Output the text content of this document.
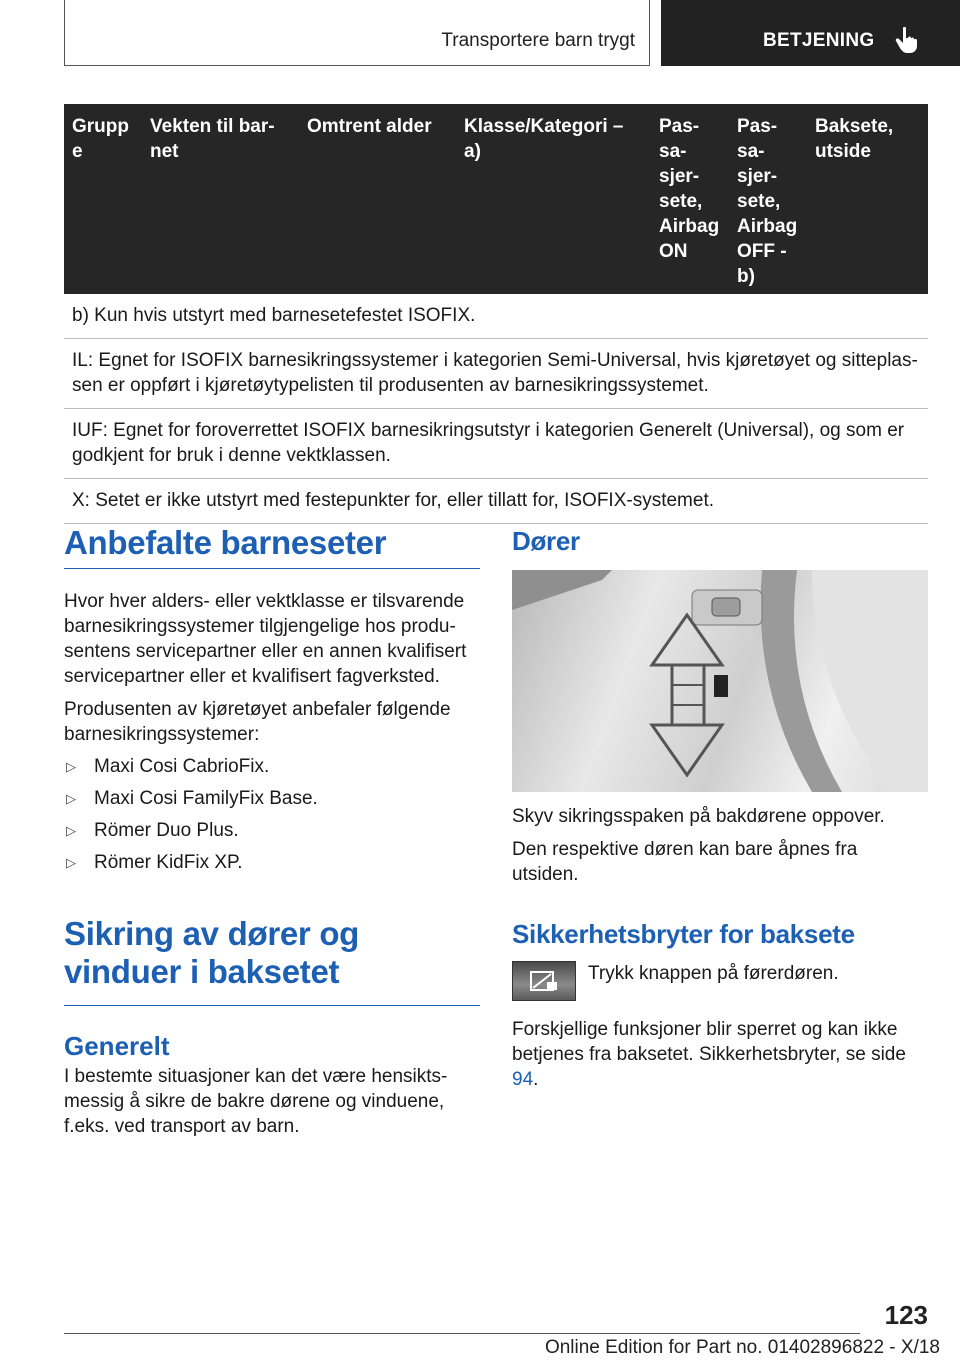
Transportere barn trygt	BETJENING
Grupp e
Vekten til bar- net
Omtrent alder	Klasse/Kategori – a)
Pas- sa- sjer- sete, Airbag ON
Pas- sa- sjer- sete, Airbag OFF - b)
Baksete, utside
b) Kun hvis utstyrt med barnesetefestet ISOFIX.
IL: Egnet for ISOFIX barnesikringssystemer i kategorien Semi-Universal, hvis kjøretøyet og sitteplas- sen er oppført i kjøretøytypelisten til produsenten av barnesikringssystemet.
IUF: Egnet for foroverrettet ISOFIX barnesikringsutstyr i kategorien Generelt (Universal), og som er godkjent for bruk i denne vektklassen.
X: Setet er ikke utstyrt med festepunkter for, eller tillatt for, ISOFIX-systemet.
Anbefalte barneseter

Hvor hver alders- eller vektklasse er tilsvarende barnesikringssystemer tilgjengelige hos produ- sentens servicepartner eller en annen kvalifisert servicepartner eller et kvalifisert fagverksted.

Produsenten av kjøretøyet anbefaler følgende barnesikringssystemer:

▷ Maxi Cosi CabrioFix.
▷ Maxi Cosi FamilyFix Base.
▷ Römer Duo Plus.
▷ Römer KidFix XP.
Sikring av dører og vinduer i baksetet
Generelt

I bestemte situasjoner kan det være hensikts- messig å sikre de bakre dørene og vinduene, f.eks. ved transport av barn.

Dører

Skyv sikringsspaken på bakdørene oppover.

Den respektive døren kan bare åpnes fra utsiden.

Sikkerhetsbryter for baksete

Trykk knappen på førerdøren.

Forskjellige funksjoner blir sperret og kan ikke betjenes fra baksetet. Sikkerhetsbryter, se side 94.

123
Online Edition for Part no. 01402896822 - X/18
